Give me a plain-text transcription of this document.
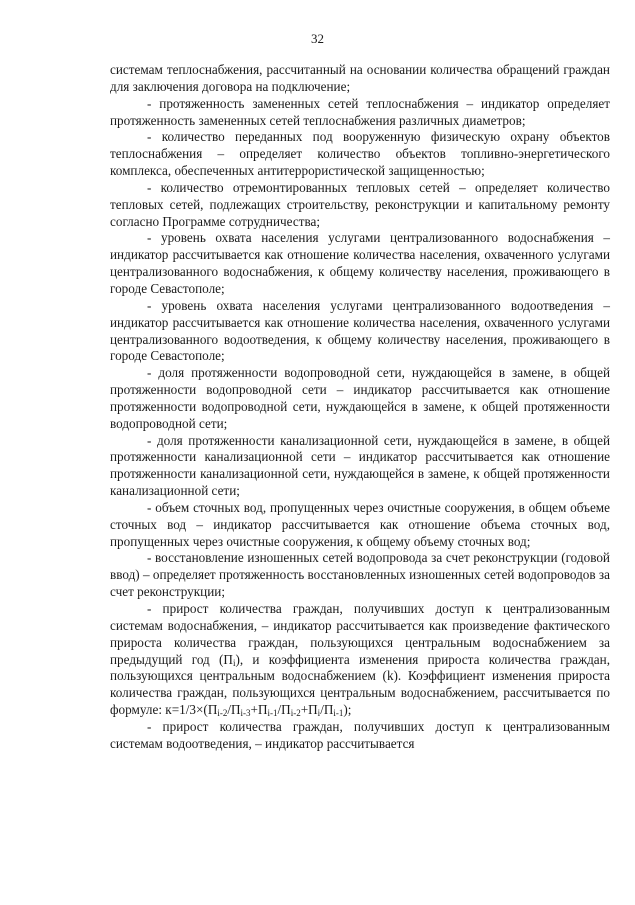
32

системам теплоснабжения, рассчитанный на основании количества обращений граждан для заключения договора на подключение;

- протяженность замененных сетей теплоснабжения – индикатор определяет протяженность замененных сетей теплоснабжения различных диаметров;

- количество переданных под вооруженную физическую охрану объектов теплоснабжения – определяет количество объектов топливно-энергетического комплекса, обеспеченных антитеррористической защищенностью;

- количество отремонтированных тепловых сетей – определяет количество тепловых сетей, подлежащих строительству, реконструкции и капитальному ремонту согласно Программе сотрудничества;

- уровень охвата населения услугами централизованного водоснабжения – индикатор рассчитывается как отношение количества населения, охваченного услугами централизованного водоснабжения, к общему количеству населения, проживающего в городе Севастополе;

- уровень охвата населения услугами централизованного водоотведения – индикатор рассчитывается как отношение количества населения, охваченного услугами централизованного водоотведения, к общему количеству населения, проживающего в городе Севастополе;

- доля протяженности водопроводной сети, нуждающейся в замене, в общей протяженности водопроводной сети – индикатор рассчитывается как отношение протяженности водопроводной сети, нуждающейся в замене, к общей протяженности водопроводной сети;

- доля протяженности канализационной сети, нуждающейся в замене, в общей протяженности канализационной сети – индикатор рассчитывается как отношение протяженности канализационной сети, нуждающейся в замене, к общей протяженности канализационной сети;

- объем сточных вод, пропущенных через очистные сооружения, в общем объеме сточных вод – индикатор рассчитывается как отношение объема сточных вод, пропущенных через очистные сооружения, к общему объему сточных вод;

- восстановление изношенных сетей водопровода за счет реконструкции (годовой ввод) – определяет протяженность восстановленных изношенных сетей водопроводов за счет реконструкции;

- прирост количества граждан, получивших доступ к централизованным системам водоснабжения, – индикатор рассчитывается как произведение фактического прироста количества граждан, пользующихся центральным водоснабжением за предыдущий год $(П_i)$, и коэффициента изменения прироста количества граждан, пользующихся центральным водоснабжением (k). Коэффициент изменения прироста количества граждан, пользующихся центральным водоснабжением, рассчитывается по формуле: $к=1/3\times(П_{i-2}/П_{i-3}+П_{i-1}/П_{i-2}+П_i/П_{i-1})$;

- прирост количества граждан, получивших доступ к централизованным системам водоотведения, – индикатор рассчитывается
